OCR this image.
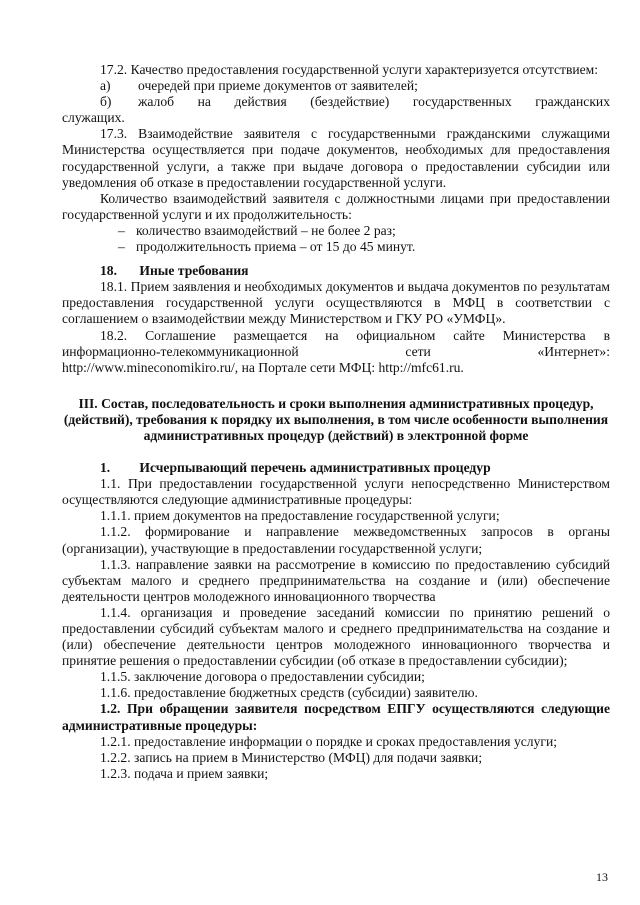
17.2. Качество предоставления государственной услуги характеризуется отсутствием:

а)	очередей при приеме документов от заявителей;
б)	жалоб на действия (бездействие) государственных гражданских

служащих.

17.3. Взаимодействие заявителя с государственными гражданскими служащими Министерства осуществляется при подаче документов, необходимых для предоставления государственной услуги, а также при выдаче договора о предоставлении субсидии или уведомления об отказе в предоставлении государственной услуги.

Количество взаимодействий заявителя с должностными лицами при предоставлении государственной услуги и их продолжительность:

– количество взаимодействий – не более 2 раз;

– продолжительность приема – от 15 до 45 минут.

18. Иные требования

18.1. Прием заявления и необходимых документов и выдача документов по результатам предоставления государственной услуги осуществляются в МФЦ в соответствии с соглашением о взаимодействии между Министерством и ГКУ РО «УМФЦ».

18.2. Соглашение размещается на официальном сайте Министерства в

информационно-телекоммуникационной сети «Интернет»:

http://www.mineconomikiro.ru/, на Портале сети МФЦ: http://mfc61.ru.

III. Состав, последовательность и сроки выполнения административных процедур, (действий), требования к порядку их выполнения, в том числе особенности выполнения административных процедур (действий) в электронной форме

1. Исчерпывающий перечень административных процедур

1.1. При предоставлении государственной услуги непосредственно Министерством осуществляются следующие административные процедуры:

1.1.1. прием документов на предоставление государственной услуги;

1.1.2. формирование и направление межведомственных запросов в органы (организации), участвующие в предоставлении государственной услуги;

1.1.3. направление заявки на рассмотрение в комиссию по предоставлению субсидий субъектам малого и среднего предпринимательства на создание и (или) обеспечение деятельности центров молодежного инновационного творчества

1.1.4. организация и проведение заседаний комиссии по принятию решений о предоставлении субсидий субъектам малого и среднего предпринимательства на создание и (или) обеспечение деятельности центров молодежного инновационного творчества и принятие решения о предоставлении субсидии (об отказе в предоставлении субсидии);

1.1.5. заключение договора о предоставлении субсидии;

1.1.6. предоставление бюджетных средств (субсидии) заявителю.

1.2. При обращении заявителя посредством ЕПГУ осуществляются следующие административные процедуры:

1.2.1. предоставление информации о порядке и сроках предоставления услуги;

1.2.2. запись на прием в Министерство (МФЦ) для подачи заявки;

1.2.3. подача и прием заявки;

13
